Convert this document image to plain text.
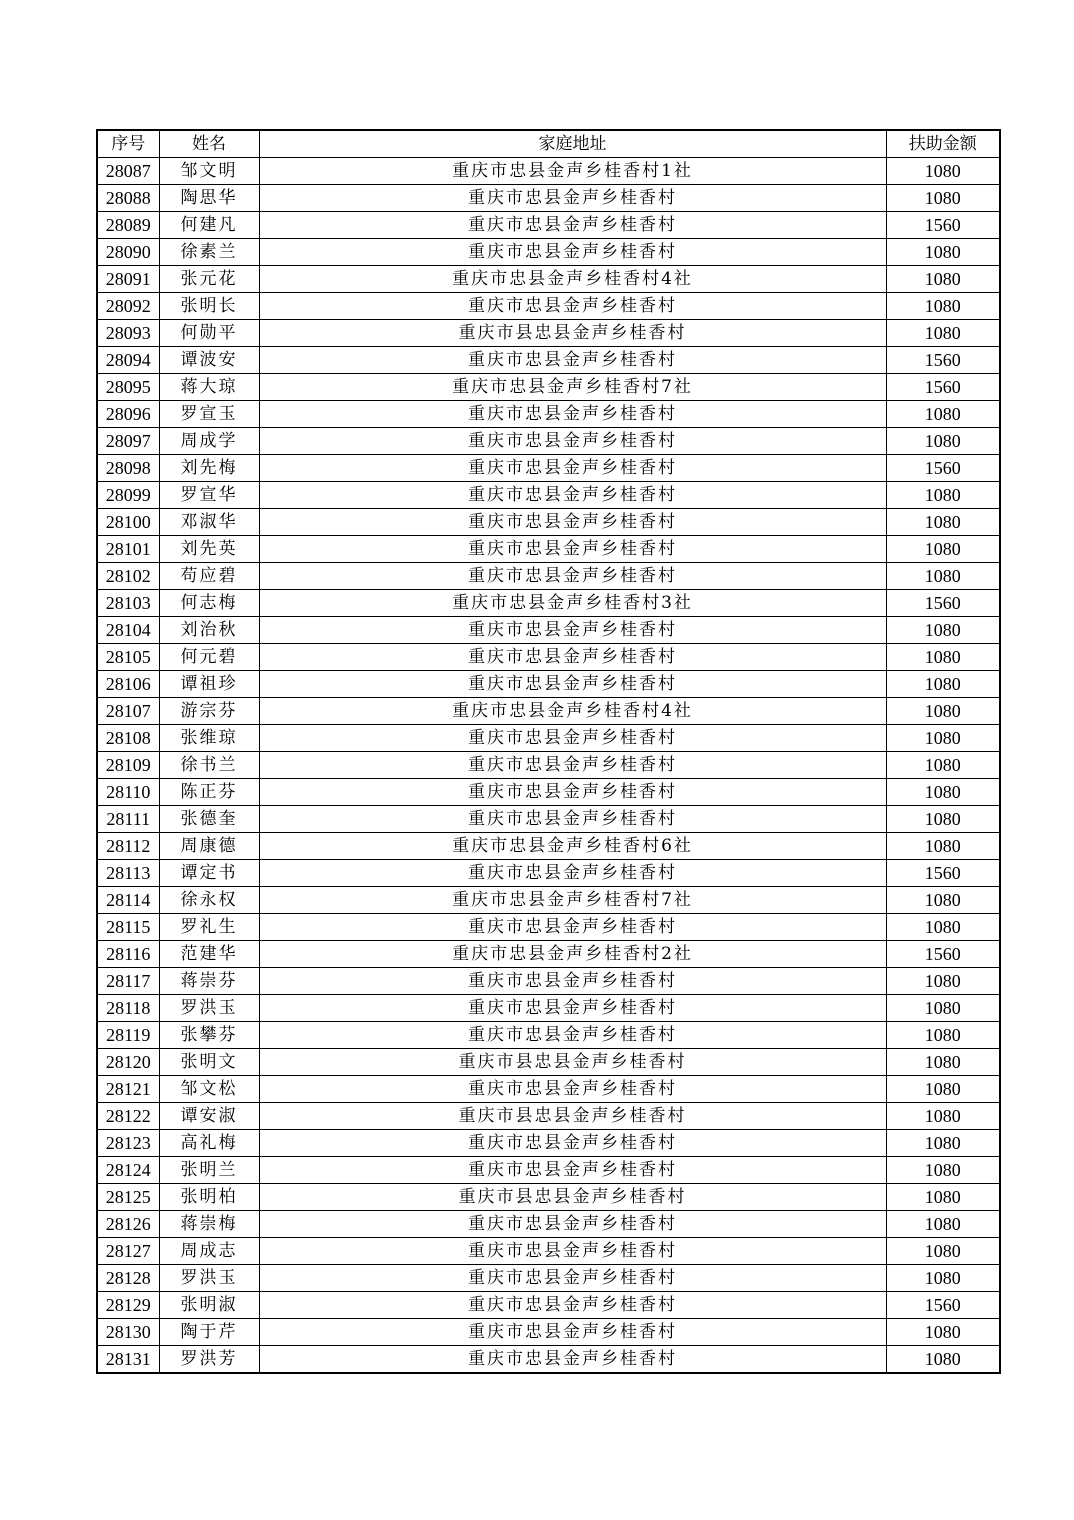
序号	姓名	家庭地址	扶助金额
28087	邹文明	重庆市忠县金声乡桂香村1社	1080
28088	陶思华	重庆市忠县金声乡桂香村	1080
28089	何建凡	重庆市忠县金声乡桂香村	1560
28090	徐素兰	重庆市忠县金声乡桂香村	1080
28091	张元花	重庆市忠县金声乡桂香村4社	1080
28092	张明长	重庆市忠县金声乡桂香村	1080
28093	何勋平	重庆市县忠县金声乡桂香村	1080
28094	谭波安	重庆市忠县金声乡桂香村	1560
28095	蒋大琼	重庆市忠县金声乡桂香村7社	1560
28096	罗宣玉	重庆市忠县金声乡桂香村	1080
28097	周成学	重庆市忠县金声乡桂香村	1080
28098	刘先梅	重庆市忠县金声乡桂香村	1560
28099	罗宣华	重庆市忠县金声乡桂香村	1080
28100	邓淑华	重庆市忠县金声乡桂香村	1080
28101	刘先英	重庆市忠县金声乡桂香村	1080
28102	苟应碧	重庆市忠县金声乡桂香村	1080
28103	何志梅	重庆市忠县金声乡桂香村3社	1560
28104	刘治秋	重庆市忠县金声乡桂香村	1080
28105	何元碧	重庆市忠县金声乡桂香村	1080
28106	谭祖珍	重庆市忠县金声乡桂香村	1080
28107	游宗芬	重庆市忠县金声乡桂香村4社	1080
28108	张维琼	重庆市忠县金声乡桂香村	1080
28109	徐书兰	重庆市忠县金声乡桂香村	1080
28110	陈正芬	重庆市忠县金声乡桂香村	1080
28111	张德奎	重庆市忠县金声乡桂香村	1080
28112	周康德	重庆市忠县金声乡桂香村6社	1080
28113	谭定书	重庆市忠县金声乡桂香村	1560
28114	徐永权	重庆市忠县金声乡桂香村7社	1080
28115	罗礼生	重庆市忠县金声乡桂香村	1080
28116	范建华	重庆市忠县金声乡桂香村2社	1560
28117	蒋崇芬	重庆市忠县金声乡桂香村	1080
28118	罗洪玉	重庆市忠县金声乡桂香村	1080
28119	张攀芬	重庆市忠县金声乡桂香村	1080
28120	张明文	重庆市县忠县金声乡桂香村	1080
28121	邹文松	重庆市忠县金声乡桂香村	1080
28122	谭安淑	重庆市县忠县金声乡桂香村	1080
28123	高礼梅	重庆市忠县金声乡桂香村	1080
28124	张明兰	重庆市忠县金声乡桂香村	1080
28125	张明柏	重庆市县忠县金声乡桂香村	1080
28126	蒋崇梅	重庆市忠县金声乡桂香村	1080
28127	周成志	重庆市忠县金声乡桂香村	1080
28128	罗洪玉	重庆市忠县金声乡桂香村	1080
28129	张明淑	重庆市忠县金声乡桂香村	1560
28130	陶于芹	重庆市忠县金声乡桂香村	1080
28131	罗洪芳	重庆市忠县金声乡桂香村	1080
